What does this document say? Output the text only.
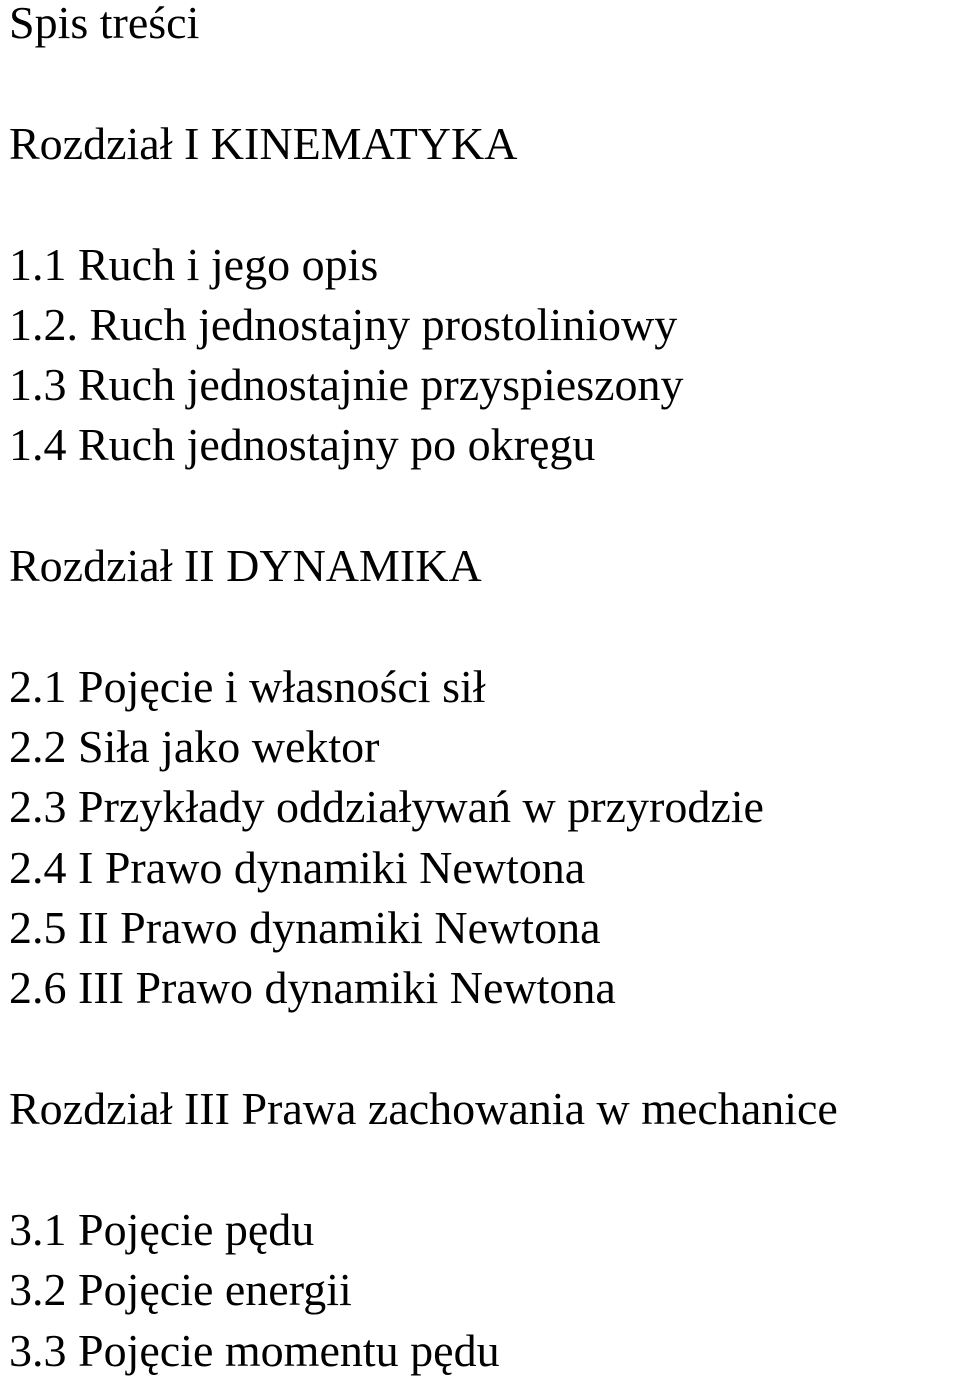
Spis treści
Rozdział I KINEMATYKA
1.1 Ruch i jego opis
1.2. Ruch jednostajny prostoliniowy
1.3 Ruch jednostajnie przyspieszony
1.4 Ruch jednostajny po okręgu
Rozdział II DYNAMIKA
2.1 Pojęcie i własności sił
2.2 Siła jako wektor
2.3 Przykłady oddziaływań w przyrodzie
2.4 I Prawo dynamiki Newtona
2.5 II Prawo dynamiki Newtona
2.6 III Prawo dynamiki Newtona
Rozdział III Prawa zachowania w mechanice
3.1 Pojęcie pędu
3.2 Pojęcie energii
3.3 Pojęcie momentu pędu
